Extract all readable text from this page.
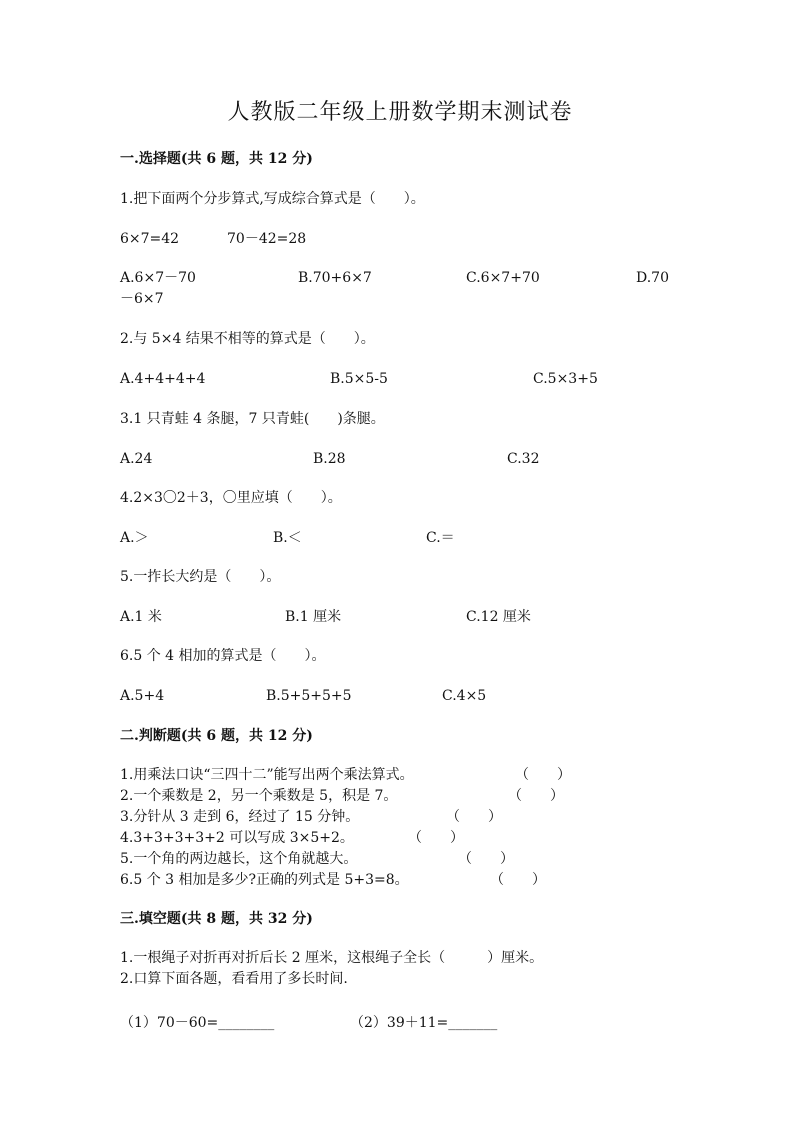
人教版二年级上册数学期末测试卷
一.选择题(共 6 题，共 12 分)
1.把下面两个分步算式,写成综合算式是（　　）。
6×7=42	70－42=28
A.6×7－70	B.70+6×7	C.6×7+70	D.70
－6×7
2.与 5×4 结果不相等的算式是（　　）。
A.4+4+4+4	B.5×5-5	C.5×3+5
3.1 只青蛙 4 条腿，7 只青蛙(　　)条腿。
A.24	B.28	C.32
4.2×3〇2＋3，〇里应填（　　）。
A.＞	B.＜	C.＝
5.一拃长大约是（　　）。
A.1 米	B.1 厘米	C.12 厘米
6.5 个 4 相加的算式是（　　）。
A.5+4	B.5+5+5+5	C.4×5
二.判断题(共 6 题，共 12 分)
1.用乘法口诀“三四十二”能写出两个乘法算式。	（　　）
2.一个乘数是 2，另一个乘数是 5，积是 7。	（　　）
3.分针从 3 走到 6，经过了 15 分钟。	（　　）
4.3+3+3+3+2 可以写成 3×5+2。	（　　）
5.一个角的两边越长，这个角就越大。	（　　）
6.5 个 3 相加是多少?正确的列式是 5+3=8。	（　　）
三.填空题(共 8 题，共 32 分)
1.一根绳子对折再对折后长 2 厘米，这根绳子全长（　　　）厘米。
2.口算下面各题，看看用了多长时间.
（1）70－60=________	（2）39＋11=_______
